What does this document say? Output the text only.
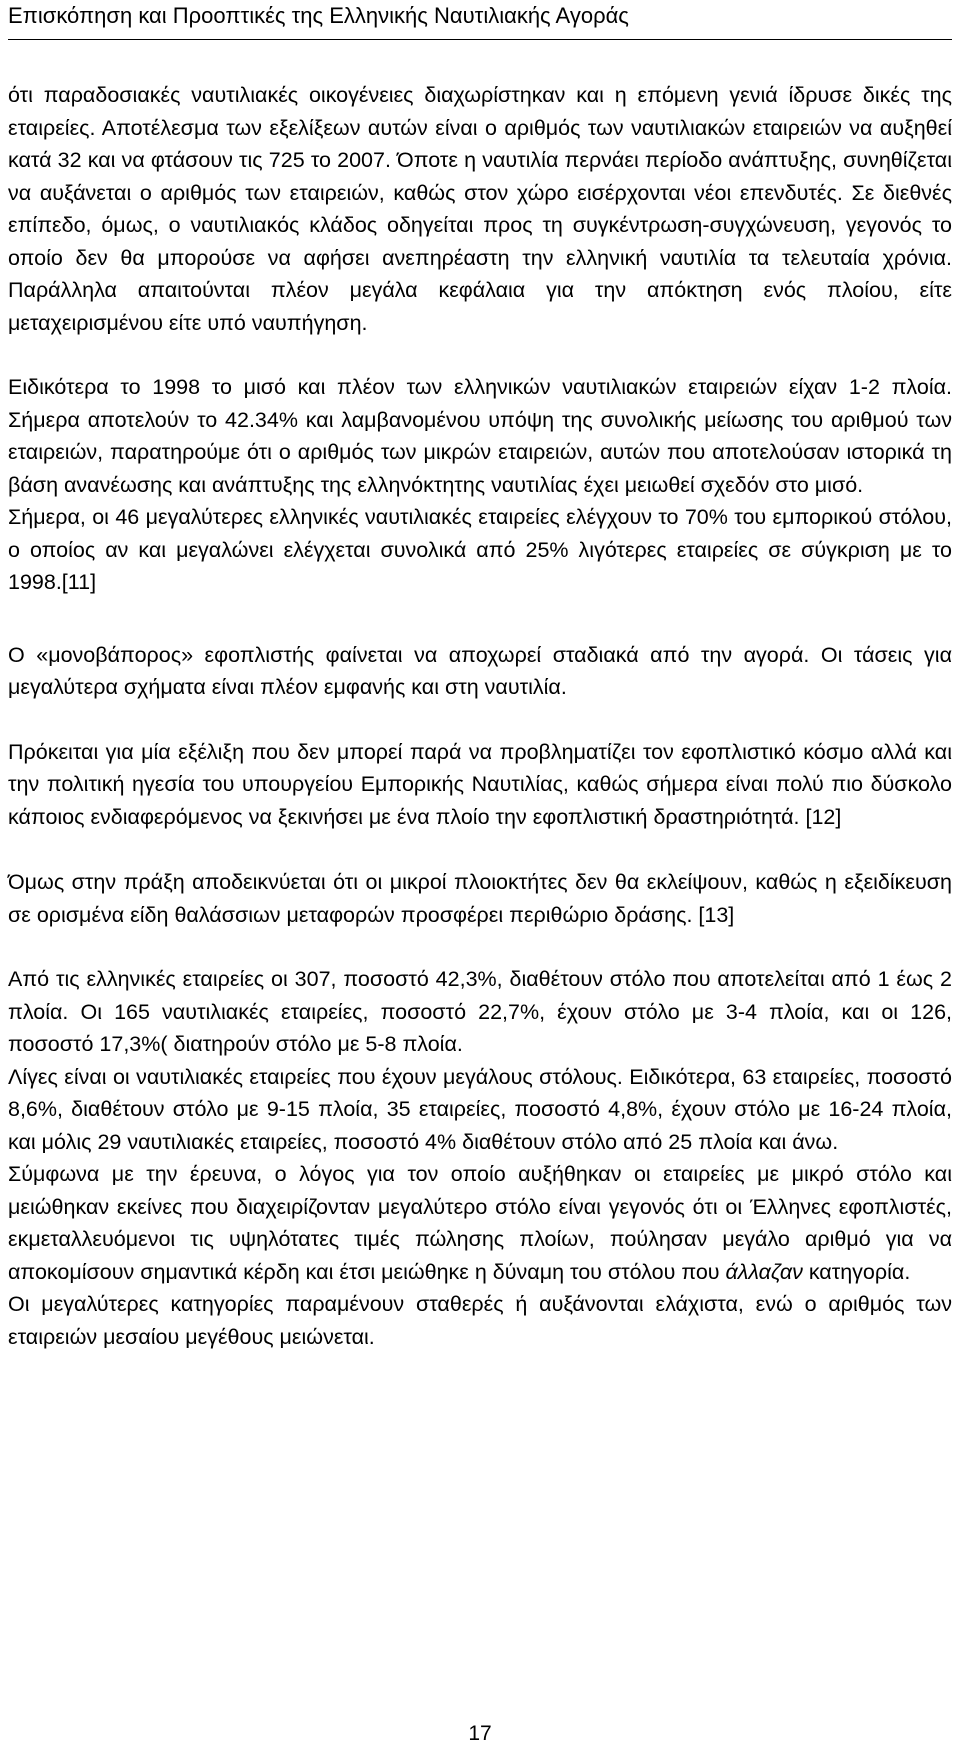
Επισκόπηση και Προοπτικές της Ελληνικής Ναυτιλιακής Αγοράς

ότι παραδοσιακές ναυτιλιακές οικογένειες διαχωρίστηκαν και η επόμενη γενιά ίδρυσε δικές της εταιρείες. Αποτέλεσμα των εξελίξεων αυτών είναι ο αριθμός των ναυτιλιακών εταιρειών να αυξηθεί κατά 32 και να φτάσουν τις 725 το 2007. Όποτε η ναυτιλία περνάει περίοδο ανάπτυξης, συνηθίζεται να αυξάνεται ο αριθμός των εταιρειών, καθώς στον χώρο εισέρχονται νέοι επενδυτές. Σε διεθνές επίπεδο, όμως, ο ναυτιλιακός κλάδος οδηγείται προς τη συγκέντρωση-συγχώνευση, γεγονός το οποίο δεν θα μπορούσε να αφήσει ανεπηρέαστη την ελληνική ναυτιλία τα τελευταία χρόνια. Παράλληλα απαιτούνται πλέον μεγάλα κεφάλαια για την απόκτηση ενός πλοίου, είτε μεταχειρισμένου είτε υπό ναυπήγηση.

Ειδικότερα το 1998 το μισό και πλέον των ελληνικών ναυτιλιακών εταιρειών είχαν 1-2 πλοία. Σήμερα αποτελούν το 42.34% και λαμβανομένου υπόψη της συνολικής μείωσης του αριθμού των εταιρειών, παρατηρούμε ότι ο αριθμός των μικρών εταιρειών, αυτών που αποτελούσαν ιστορικά τη βάση ανανέωσης και ανάπτυξης της ελληνόκτητης ναυτιλίας έχει μειωθεί σχεδόν στο μισό.

Σήμερα, οι 46 μεγαλύτερες ελληνικές ναυτιλιακές εταιρείες ελέγχουν το 70% του εμπορικού στόλου, ο οποίος αν και μεγαλώνει ελέγχεται συνολικά από 25% λιγότερες εταιρείες σε σύγκριση με το 1998.[11]

Ο «μονοβάπορος» εφοπλιστής φαίνεται να αποχωρεί σταδιακά από την αγορά. Οι τάσεις για μεγαλύτερα σχήματα είναι πλέον εμφανής και στη ναυτιλία.

Πρόκειται για μία εξέλιξη που δεν μπορεί παρά να προβληματίζει τον εφοπλιστικό κόσμο αλλά και την πολιτική ηγεσία του υπουργείου Εμπορικής Ναυτιλίας, καθώς σήμερα είναι πολύ πιο δύσκολο κάποιος ενδιαφερόμενος να ξεκινήσει με ένα πλοίο την εφοπλιστική δραστηριότητά. [12]

Όμως στην πράξη αποδεικνύεται ότι οι μικροί πλοιοκτήτες δεν θα εκλείψουν, καθώς η εξειδίκευση σε ορισμένα είδη θαλάσσιων μεταφορών προσφέρει περιθώριο δράσης. [13]

Από τις ελληνικές εταιρείες οι 307, ποσοστό 42,3%, διαθέτουν στόλο που αποτελείται από 1 έως 2 πλοία. Οι 165 ναυτιλιακές εταιρείες, ποσοστό 22,7%, έχουν στόλο με 3-4 πλοία, και οι 126, ποσοστό 17,3%( διατηρούν στόλο με 5-8 πλοία.

Λίγες είναι οι ναυτιλιακές εταιρείες που έχουν μεγάλους στόλους. Ειδικότερα, 63 εταιρείες, ποσοστό 8,6%, διαθέτουν στόλο με 9-15 πλοία, 35 εταιρείες, ποσοστό 4,8%, έχουν στόλο με 16-24 πλοία, και μόλις 29 ναυτιλιακές εταιρείες, ποσοστό 4% διαθέτουν στόλο από 25 πλοία και άνω.

Σύμφωνα με την έρευνα, ο λόγος για τον οποίο αυξήθηκαν οι εταιρείες με μικρό στόλο και μειώθηκαν εκείνες που διαχειρίζονταν μεγαλύτερο στόλο είναι γεγονός ότι οι Έλληνες εφοπλιστές, εκμεταλλευόμενοι τις υψηλότατες τιμές πώλησης πλοίων, πούλησαν μεγάλο αριθμό για να αποκομίσουν σημαντικά κέρδη και έτσι μειώθηκε η δύναμη του στόλου που άλλαζαν κατηγορία.

Οι μεγαλύτερες κατηγορίες παραμένουν σταθερές ή αυξάνονται ελάχιστα, ενώ ο αριθμός των εταιρειών μεσαίου μεγέθους μειώνεται.

17
